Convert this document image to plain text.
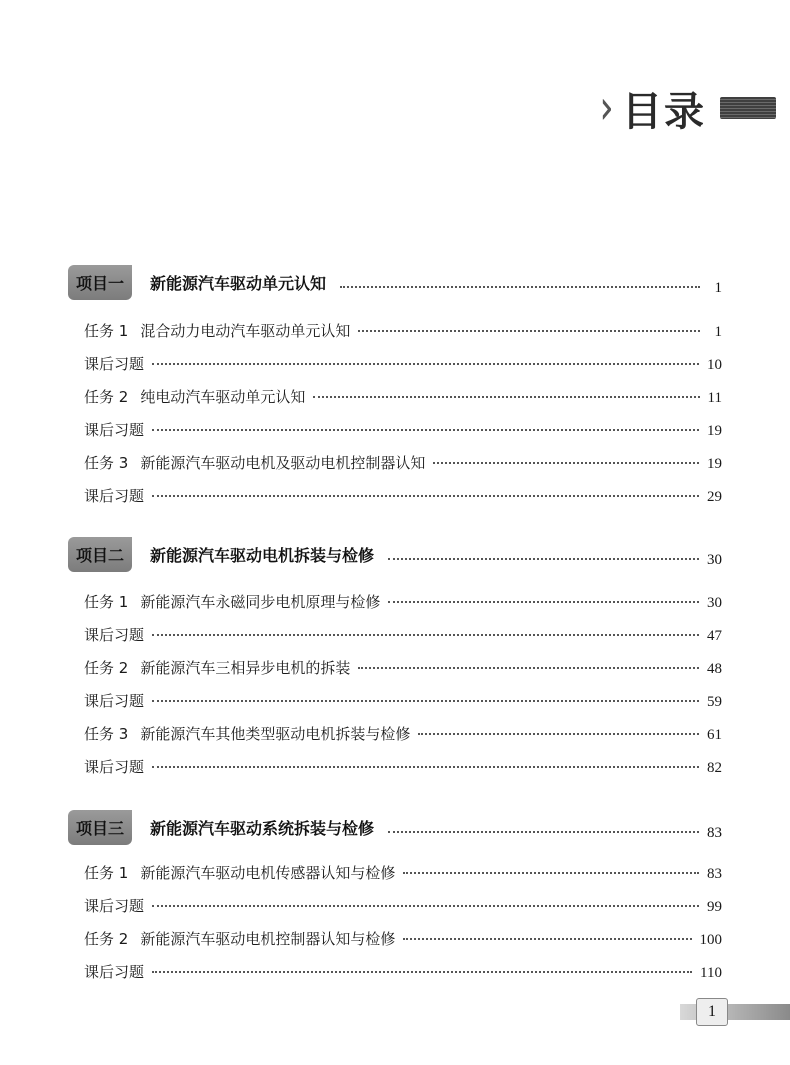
目录
项目一	新能源汽车驱动单元认知	1
任务 1 混合动力电动汽车驱动单元认知	1
课后习题	10
任务 2 纯电动汽车驱动单元认知	11
课后习题	19
任务 3 新能源汽车驱动电机及驱动电机控制器认知	19
课后习题	29
项目二	新能源汽车驱动电机拆装与检修	30
任务 1 新能源汽车永磁同步电机原理与检修	30
课后习题	47
任务 2 新能源汽车三相异步电机的拆装	48
课后习题	59
任务 3 新能源汽车其他类型驱动电机拆装与检修	61
课后习题	82
项目三	新能源汽车驱动系统拆装与检修	83
任务 1 新能源汽车驱动电机传感器认知与检修	83
课后习题	99
任务 2 新能源汽车驱动电机控制器认知与检修	100
课后习题	110
1
